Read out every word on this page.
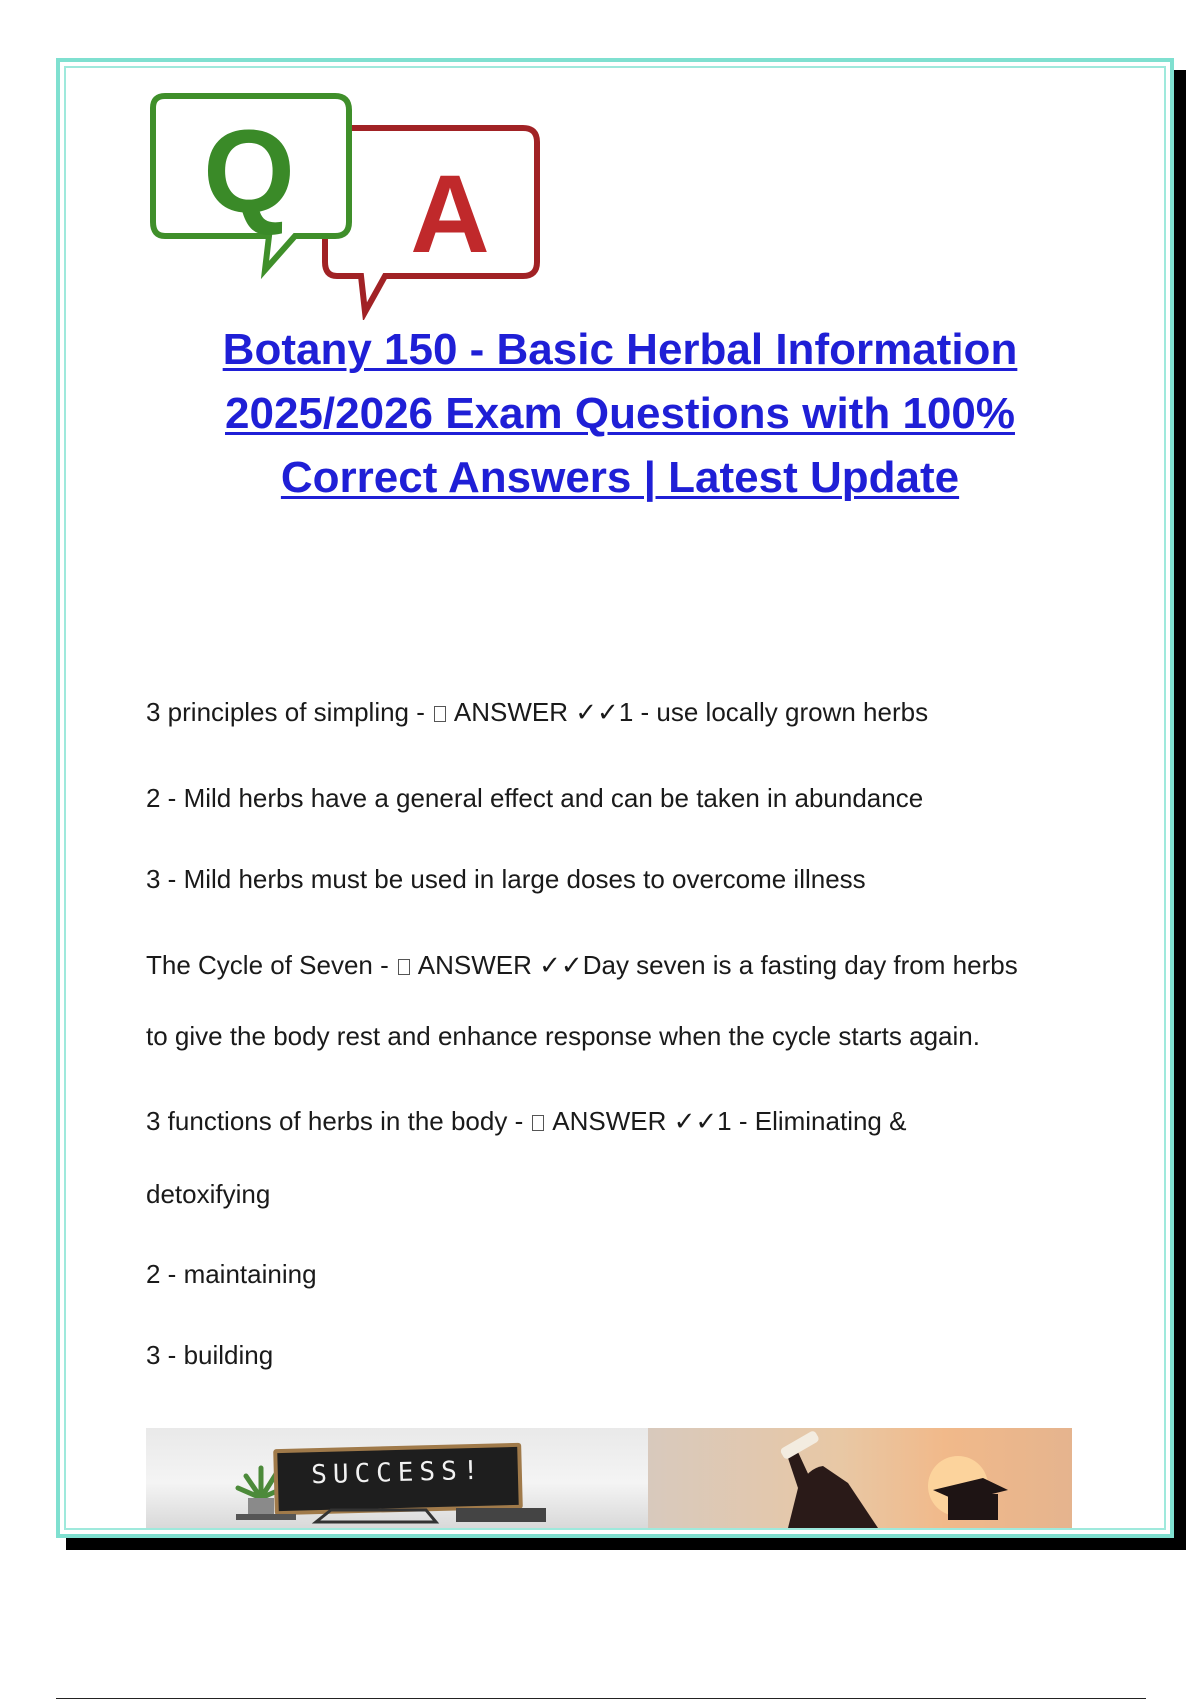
Q A
Botany 150 - Basic Herbal Information
2025/2026 Exam Questions with 100%
Correct Answers | Latest Update
3 principles of simpling -  ANSWER ✓✓1 - use locally grown herbs
2 - Mild herbs have a general effect and can be taken in abundance
3 - Mild herbs must be used in large doses to overcome illness
The Cycle of Seven -  ANSWER ✓✓Day seven is a fasting day from herbs
to give the body rest and enhance response when the cycle starts again.
3 functions of herbs in the body -  ANSWER ✓✓1 - Eliminating &
detoxifying
2 - maintaining
3 - building
SUCCESS!
